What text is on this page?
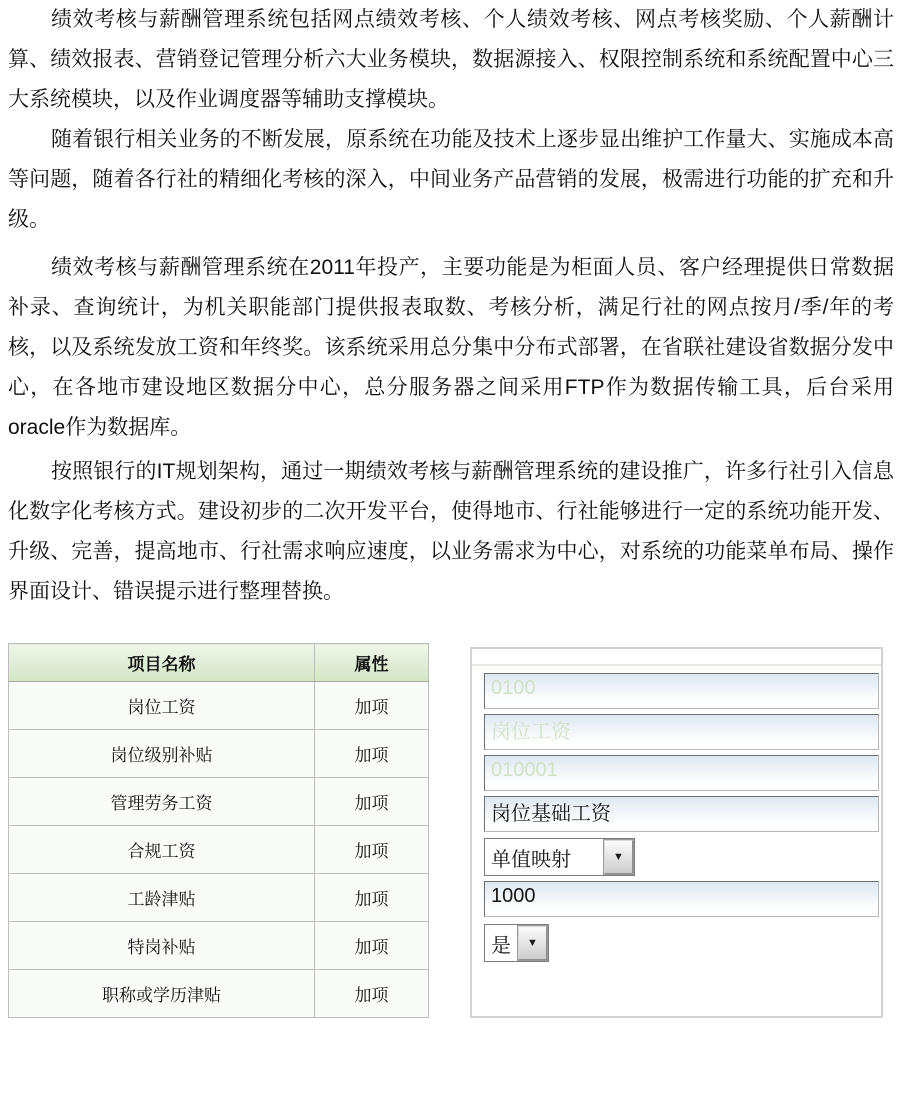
绩效考核与薪酬管理系统包括网点绩效考核、个人绩效考核、网点考核奖励、个人薪酬计算、绩效报表、营销登记管理分析六大业务模块，数据源接入、权限控制系统和系统配置中心三大系统模块，以及作业调度器等辅助支撑模块。

随着银行相关业务的不断发展，原系统在功能及技术上逐步显出维护工作量大、实施成本高等问题，随着各行社的精细化考核的深入，中间业务产品营销的发展，极需进行功能的扩充和升级。

绩效考核与薪酬管理系统在2011年投产，主要功能是为柜面人员、客户经理提供日常数据补录、查询统计，为机关职能部门提供报表取数、考核分析，满足行社的网点按月/季/年的考核，以及系统发放工资和年终奖。该系统采用总分集中分布式部署，在省联社建设省数据分发中心，在各地市建设地区数据分中心，总分服务器之间采用FTP作为数据传输工具，后台采用oracle作为数据库。

按照银行的IT规划架构，通过一期绩效考核与薪酬管理系统的建设推广，许多行社引入信息化数字化考核方式。建设初步的二次开发平台，使得地市、行社能够进行一定的系统功能开发、升级、完善，提高地市、行社需求响应速度，以业务需求为中心，对系统的功能菜单布局、操作界面设计、错误提示进行整理替换。

项目名称	属性
岗位工资	加项
岗位级别补贴	加项
管理劳务工资	加项
合规工资	加项
工龄津贴	加项
特岗补贴	加项
职称或学历津贴	加项
0100
岗位工资
010001
岗位基础工资
单值映射	▼
1000
是	▼
